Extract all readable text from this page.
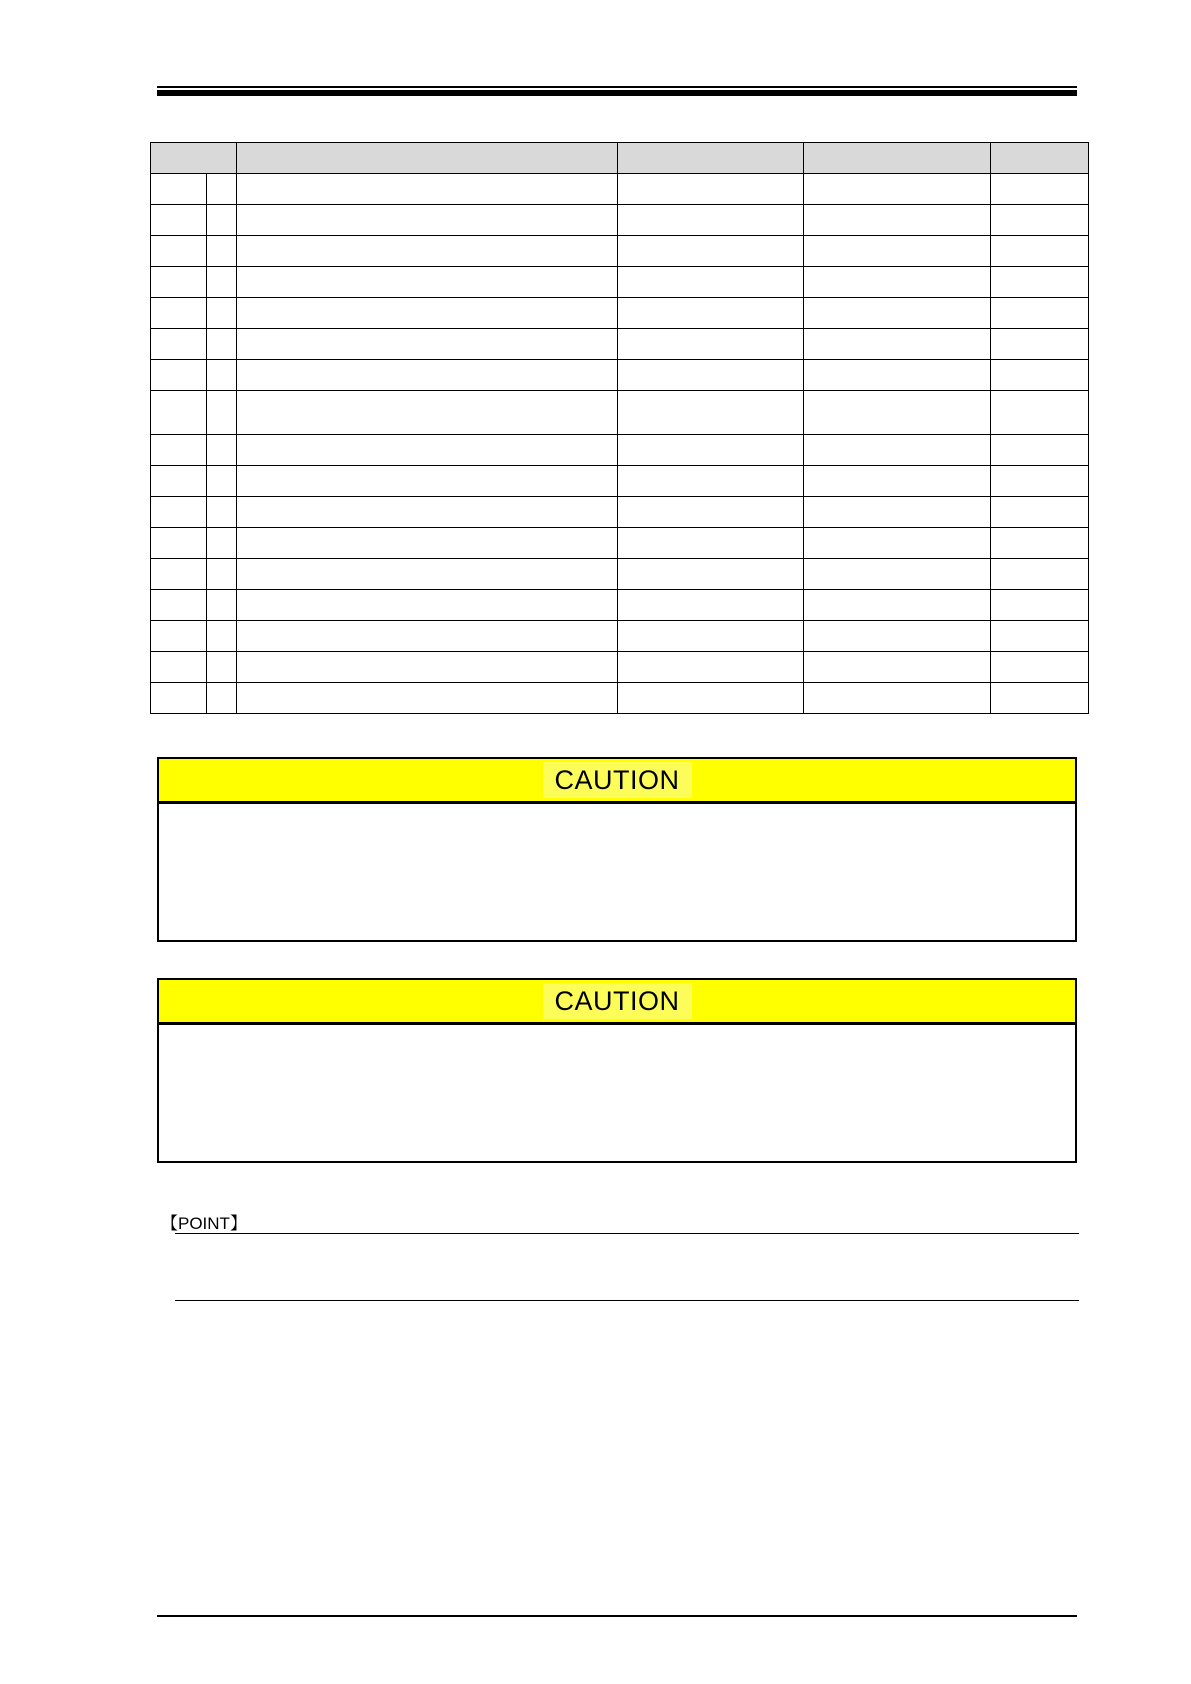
CAUTION
CAUTION
【POINT】
